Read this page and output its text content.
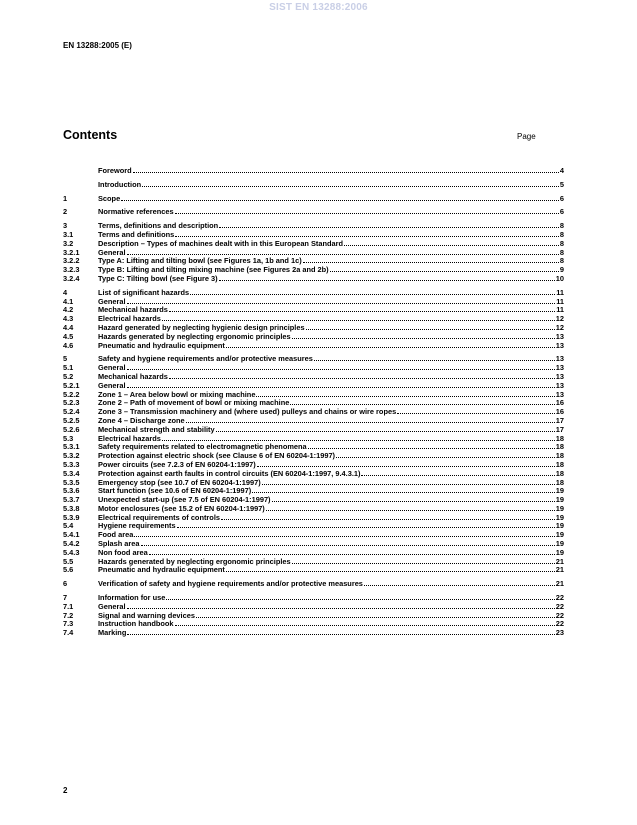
SIST EN 13288:2006
EN 13288:2005 (E)
Contents	Page
Foreword	4
Introduction	5
1	Scope	6
2	Normative references	6
3	Terms, definitions and description	8
3.1	Terms and definitions	8
3.2	Description – Types of machines dealt with in this European Standard	8
3.2.1	General	8
3.2.2	Type A: Lifting and tilting bowl (see Figures 1a, 1b and 1c)	8
3.2.3	Type B: Lifting and tilting mixing machine (see Figures 2a and 2b)	9
3.2.4	Type C: Tilting bowl (see Figure 3)	10
4	List of significant hazards	11
4.1	General	11
4.2	Mechanical hazards	11
4.3	Electrical hazards	12
4.4	Hazard generated by neglecting hygienic design principles	12
4.5	Hazards generated by neglecting ergonomic principles	13
4.6	Pneumatic and hydraulic equipment	13
5	Safety and hygiene requirements and/or protective measures	13
5.1	General	13
5.2	Mechanical hazards	13
5.2.1	General	13
5.2.2	Zone 1 – Area below bowl or mixing machine	13
5.2.3	Zone 2 – Path of movement of bowl or mixing machine	16
5.2.4	Zone 3 – Transmission machinery and (where used) pulleys and chains or wire ropes	16
5.2.5	Zone 4 – Discharge zone	17
5.2.6	Mechanical strength and stability	17
5.3	Electrical hazards	18
5.3.1	Safety requirements related to electromagnetic phenomena	18
5.3.2	Protection against electric shock (see Clause 6 of EN 60204-1:1997)	18
5.3.3	Power circuits (see 7.2.3 of EN 60204-1:1997)	18
5.3.4	Protection against earth faults in control circuits (EN 60204-1:1997, 9.4.3.1)	18
5.3.5	Emergency stop (see 10.7 of EN 60204-1:1997)	18
5.3.6	Start function (see 10.6 of EN 60204-1:1997)	19
5.3.7	Unexpected start-up (see 7.5 of EN 60204-1:1997)	19
5.3.8	Motor enclosures (see 15.2 of EN 60204-1:1997)	19
5.3.9	Electrical requirements of controls	19
5.4	Hygiene requirements	19
5.4.1	Food area	19
5.4.2	Splash area	19
5.4.3	Non food area	19
5.5	Hazards generated by neglecting ergonomic principles	21
5.6	Pneumatic and hydraulic equipment	21
6	Verification of safety and hygiene requirements and/or protective measures	21
7	Information for use	22
7.1	General	22
7.2	Signal and warning devices	22
7.3	Instruction handbook	22
7.4	Marking	23
2
